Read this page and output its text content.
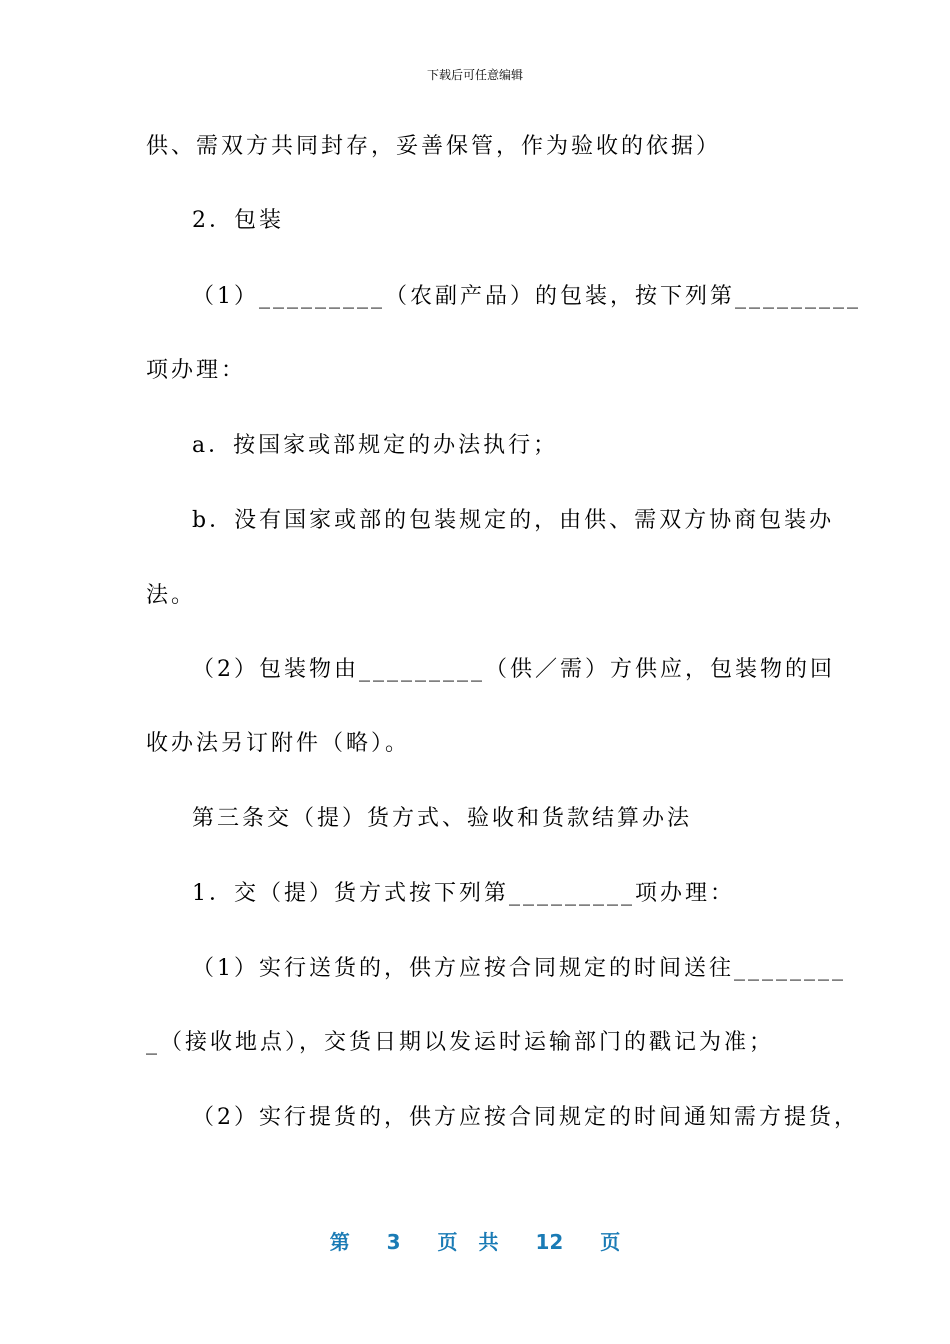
下载后可任意编辑
供、需双方共同封存，妥善保管，作为验收的依据）
2．包装
（1）_________（农副产品）的包装，按下列第_________
项办理：
a．按国家或部规定的办法执行；
b．没有国家或部的包装规定的，由供、需双方协商包装办
法。
（2）包装物由_________（供／需）方供应，包装物的回
收办法另订附件（略）。
第三条交（提）货方式、验收和货款结算办法
1．交（提）货方式按下列第_________项办理：
（1）实行送货的，供方应按合同规定的时间送往________
_（接收地点），交货日期以发运时运输部门的戳记为准；
（2）实行提货的，供方应按合同规定的时间通知需方提货，
第 3 页 共 12 页
